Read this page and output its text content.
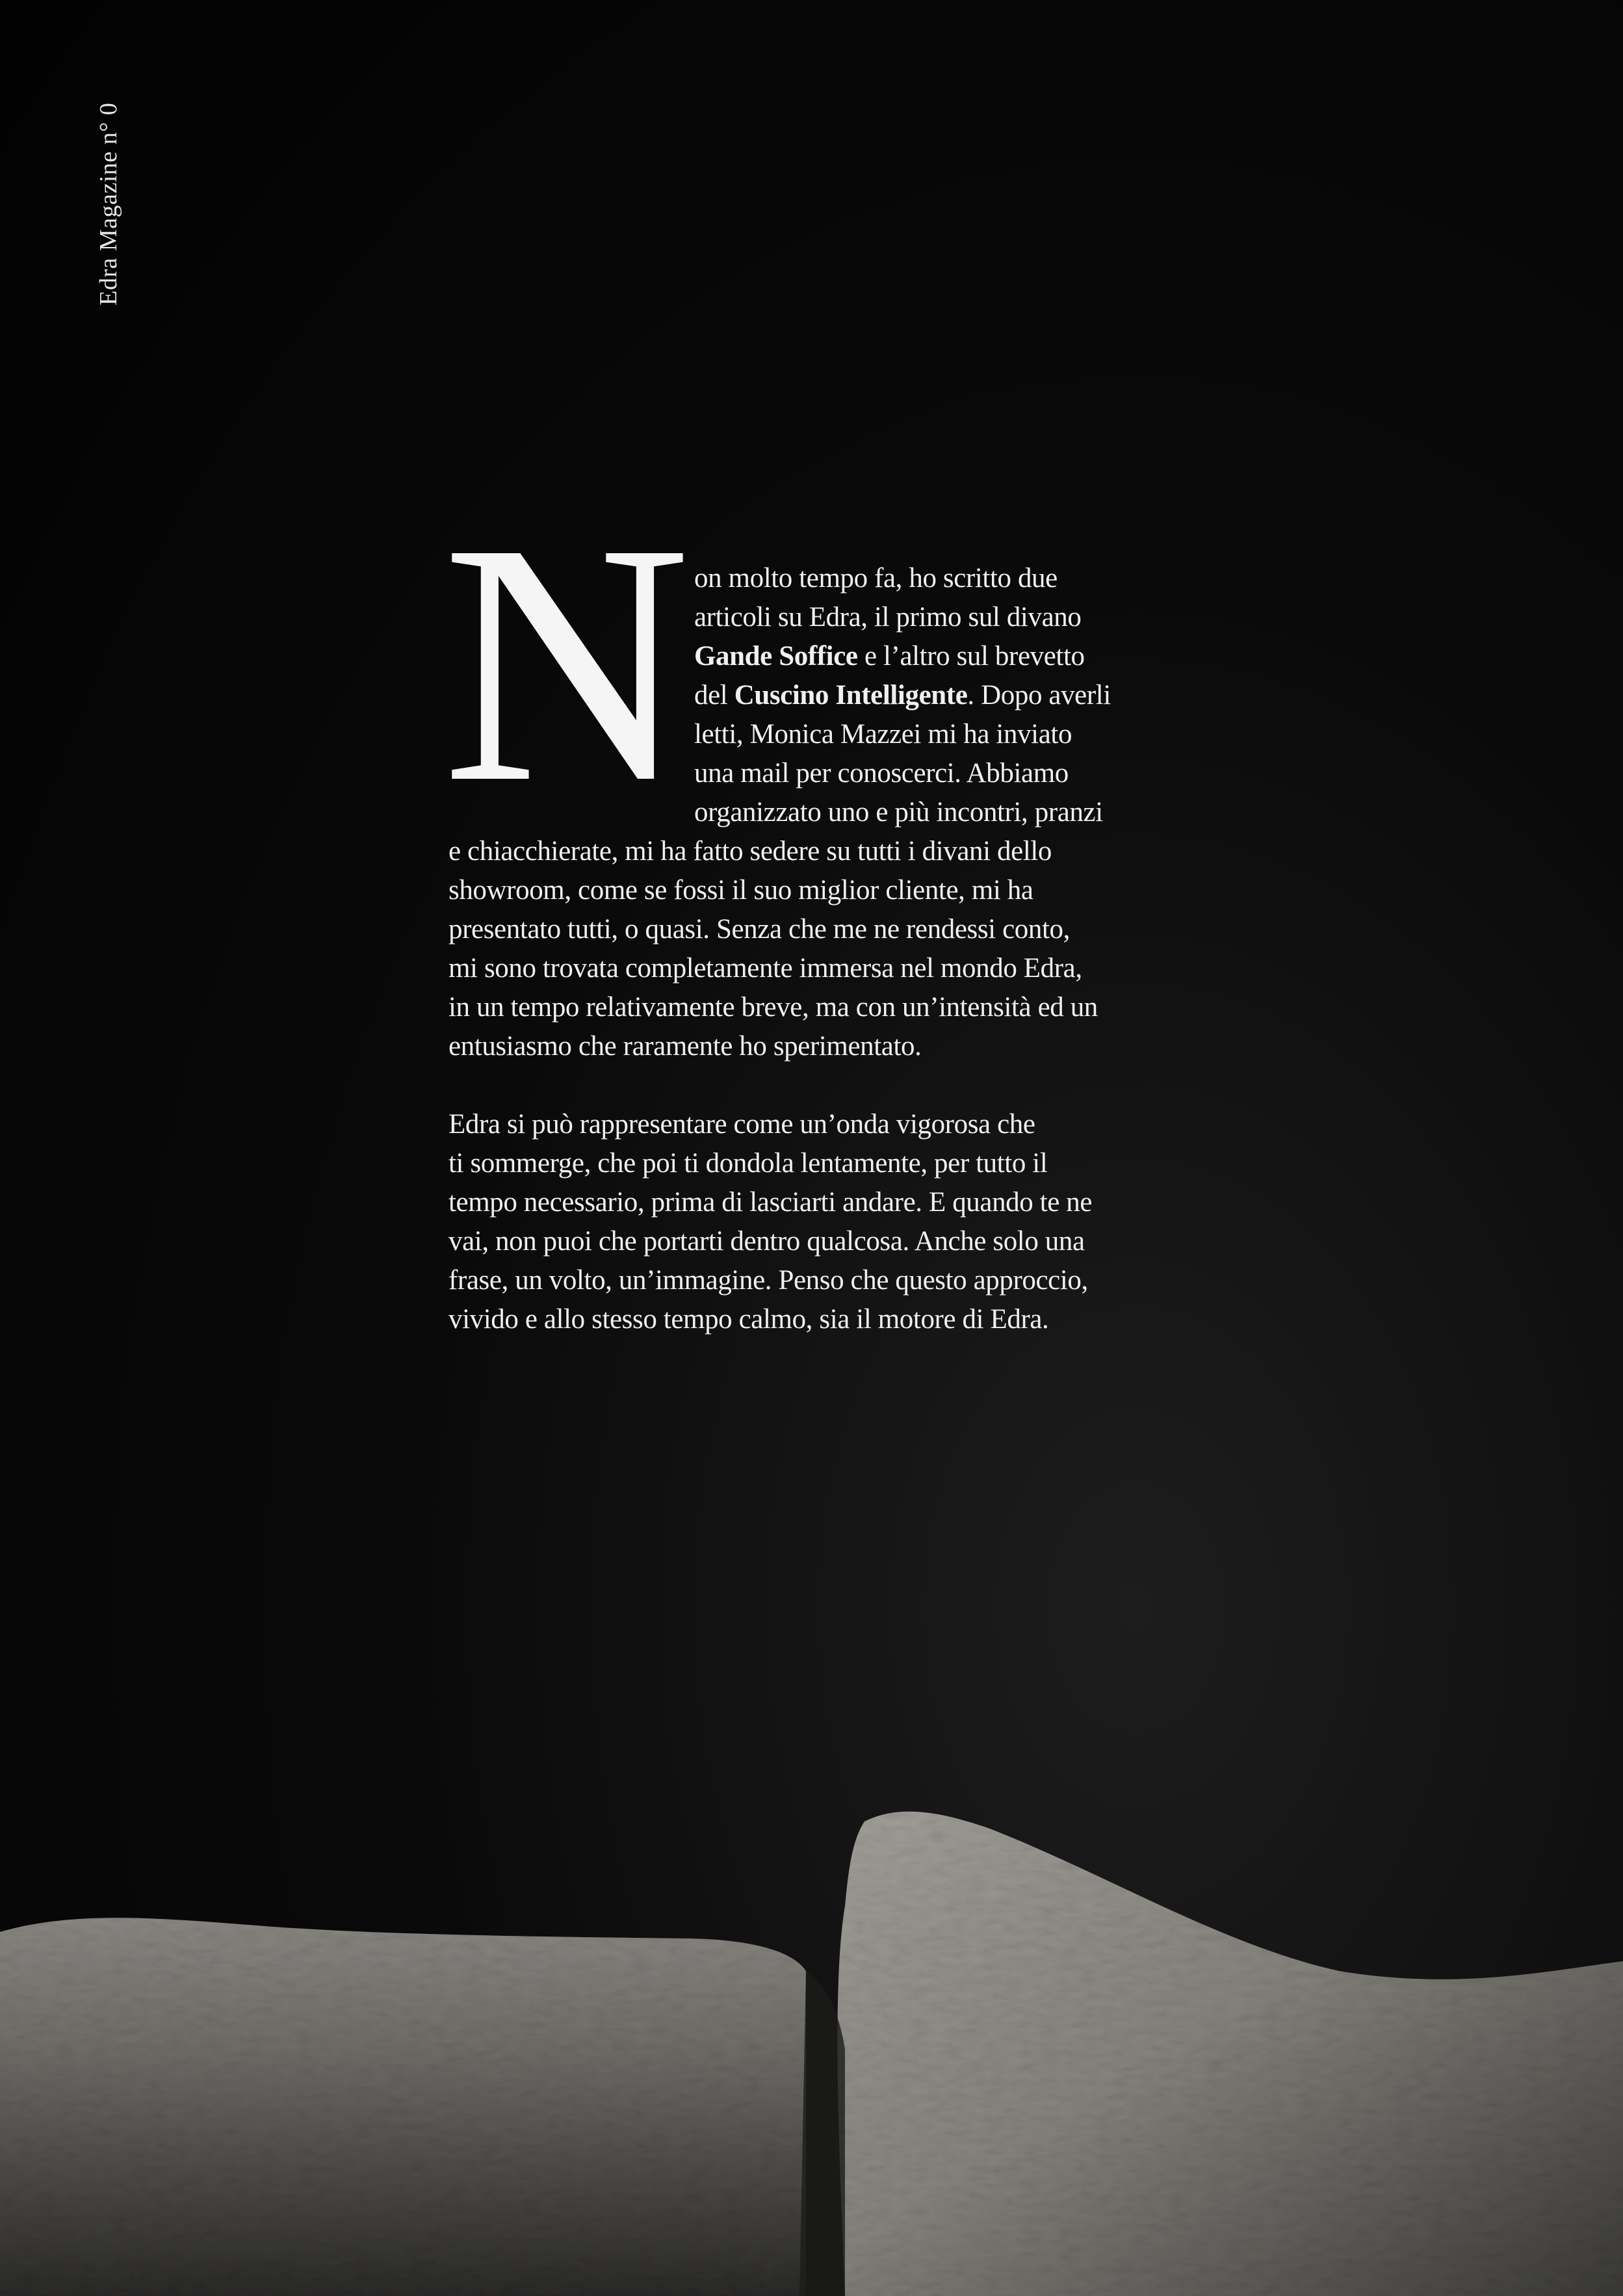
Edra Magazine n° 0
N on molto tempo fa, ho scritto due
articoli su Edra, il primo sul divano
Gande Soffice e l’altro sul brevetto
del Cuscino Intelligente. Dopo averli
letti, Monica Mazzei mi ha inviato
una mail per conoscerci. Abbiamo
organizzato uno e più incontri, pranzi
e chiacchierate, mi ha fatto sedere su tutti i divani dello
showroom, come se fossi il suo miglior cliente, mi ha
presentato tutti, o quasi. Senza che me ne rendessi conto,
mi sono trovata completamente immersa nel mondo Edra,
in un tempo relativamente breve, ma con un’intensità ed un
entusiasmo che raramente ho sperimentato.
Edra si può rappresentare come un’onda vigorosa che
ti sommerge, che poi ti dondola lentamente, per tutto il
tempo necessario, prima di lasciarti andare. E quando te ne
vai, non puoi che portarti dentro qualcosa. Anche solo una
frase, un volto, un’immagine. Penso che questo approccio,
vivido e allo stesso tempo calmo, sia il motore di Edra.
